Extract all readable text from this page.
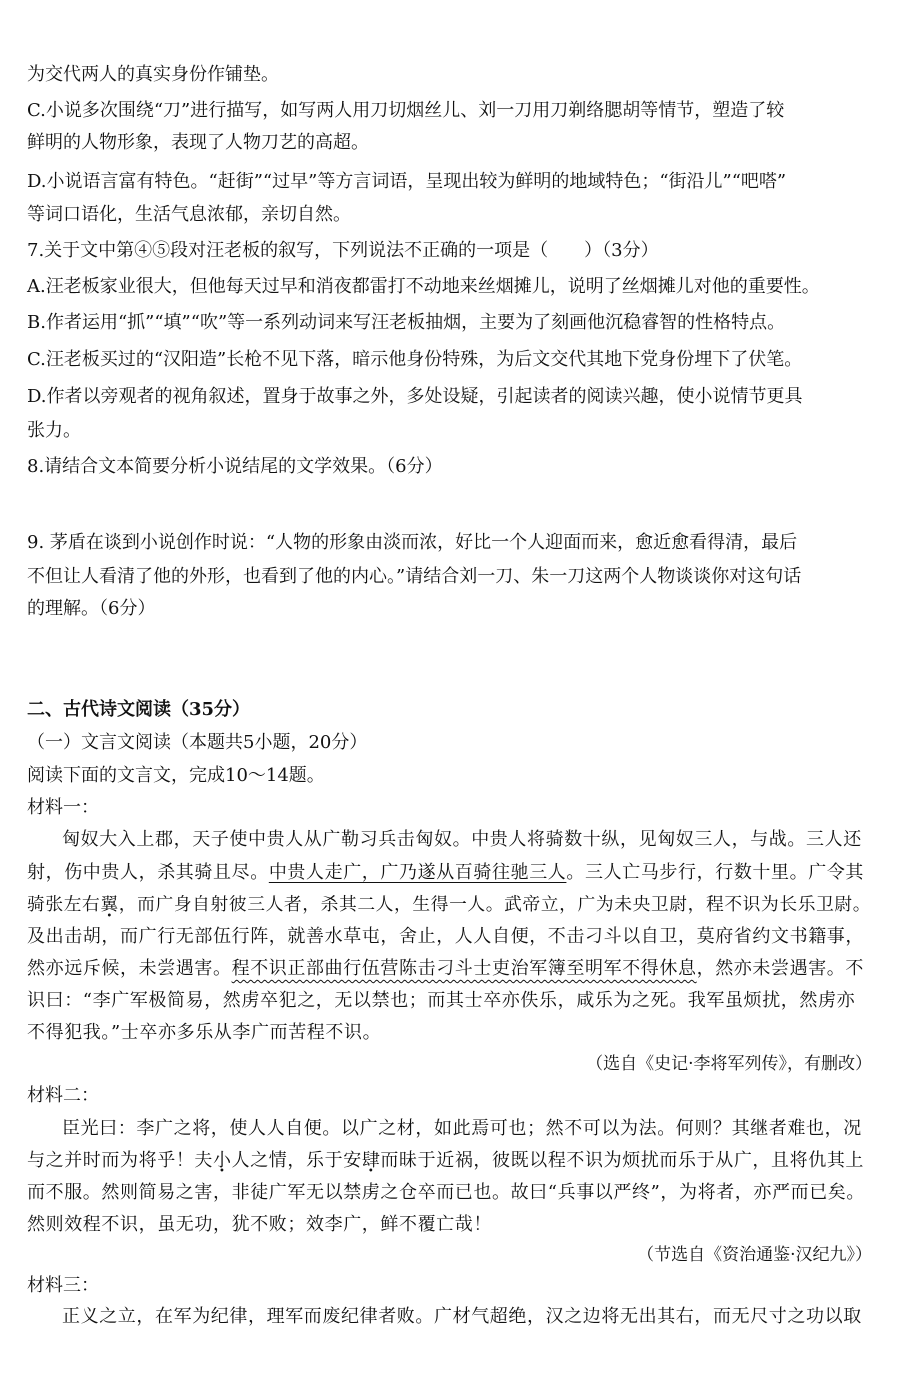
为交代两人的真实身份作铺垫。
C.小说多次围绕“刀”进行描写，如写两人用刀切烟丝儿、刘一刀用刀剃络腮胡等情节，塑造了较
鲜明的人物形象，表现了人物刀艺的高超。
D.小说语言富有特色。“赶街”“过早”等方言词语，呈现出较为鲜明的地域特色；“街沿儿”“吧嗒”
等词口语化，生活气息浓郁，亲切自然。
7.关于文中第④⑤段对汪老板的叙写，下列说法不正确的一项是（　　）（3分）
A.汪老板家业很大，但他每天过早和消夜都雷打不动地来丝烟摊儿，说明了丝烟摊儿对他的重要性。
B.作者运用“抓”“填”“吹”等一系列动词来写汪老板抽烟，主要为了刻画他沉稳睿智的性格特点。
C.汪老板买过的“汉阳造”长枪不见下落，暗示他身份特殊，为后文交代其地下党身份埋下了伏笔。
D.作者以旁观者的视角叙述，置身于故事之外，多处设疑，引起读者的阅读兴趣，使小说情节更具
张力。
8.请结合文本简要分析小说结尾的文学效果。（6分）
9. 茅盾在谈到小说创作时说：“人物的形象由淡而浓，好比一个人迎面而来，愈近愈看得清，最后
不但让人看清了他的外形，也看到了他的内心。”请结合刘一刀、朱一刀这两个人物谈谈你对这句话
的理解。（6分）
二、古代诗文阅读（35分）
（一）文言文阅读（本题共5小题，20分）
阅读下面的文言文，完成10～14题。
材料一：
匈奴大入上郡，天子使中贵人从广勒习兵击匈奴。中贵人将骑数十纵，见匈奴三人，与战。三人还
射，伤中贵人，杀其骑且尽。中贵人走广，广乃遂从百骑往驰三人。三人亡马步行，行数十里。广令其
骑张左右翼，而广身自射彼三人者，杀其二人，生得一人。武帝立，广为未央卫尉，程不识为长乐卫尉。
及出击胡，而广行无部伍行阵，就善水草屯，舍止，人人自便，不击刁斗以自卫，莫府省约文书籍事，
然亦远斥候，未尝遇害。程不识正部曲行伍营陈击刁斗士吏治军簿至明军不得休息，然亦未尝遇害。不
识曰：“李广军极简易，然虏卒犯之，无以禁也；而其士卒亦佚乐，咸乐为之死。我军虽烦扰，然虏亦
不得犯我。”士卒亦多乐从李广而苦程不识。
（选自《史记·李将军列传》，有删改）
材料二：
臣光曰：李广之将，使人人自便。以广之材，如此焉可也；然不可以为法。何则？其继者难也，况
与之并时而为将乎！夫小人之情，乐于安肆而昧于近祸，彼既以程不识为烦扰而乐于从广，且将仇其上
而不服。然则简易之害，非徒广军无以禁虏之仓卒而已也。故曰“兵事以严终”，为将者，亦严而已矣。
然则效程不识，虽无功，犹不败；效李广，鲜不覆亡哉！
（节选自《资治通鉴·汉纪九》）
材料三：
正义之立，在军为纪律，理军而废纪律者败。广材气超绝，汉之边将无出其右，而无尺寸之功以取
